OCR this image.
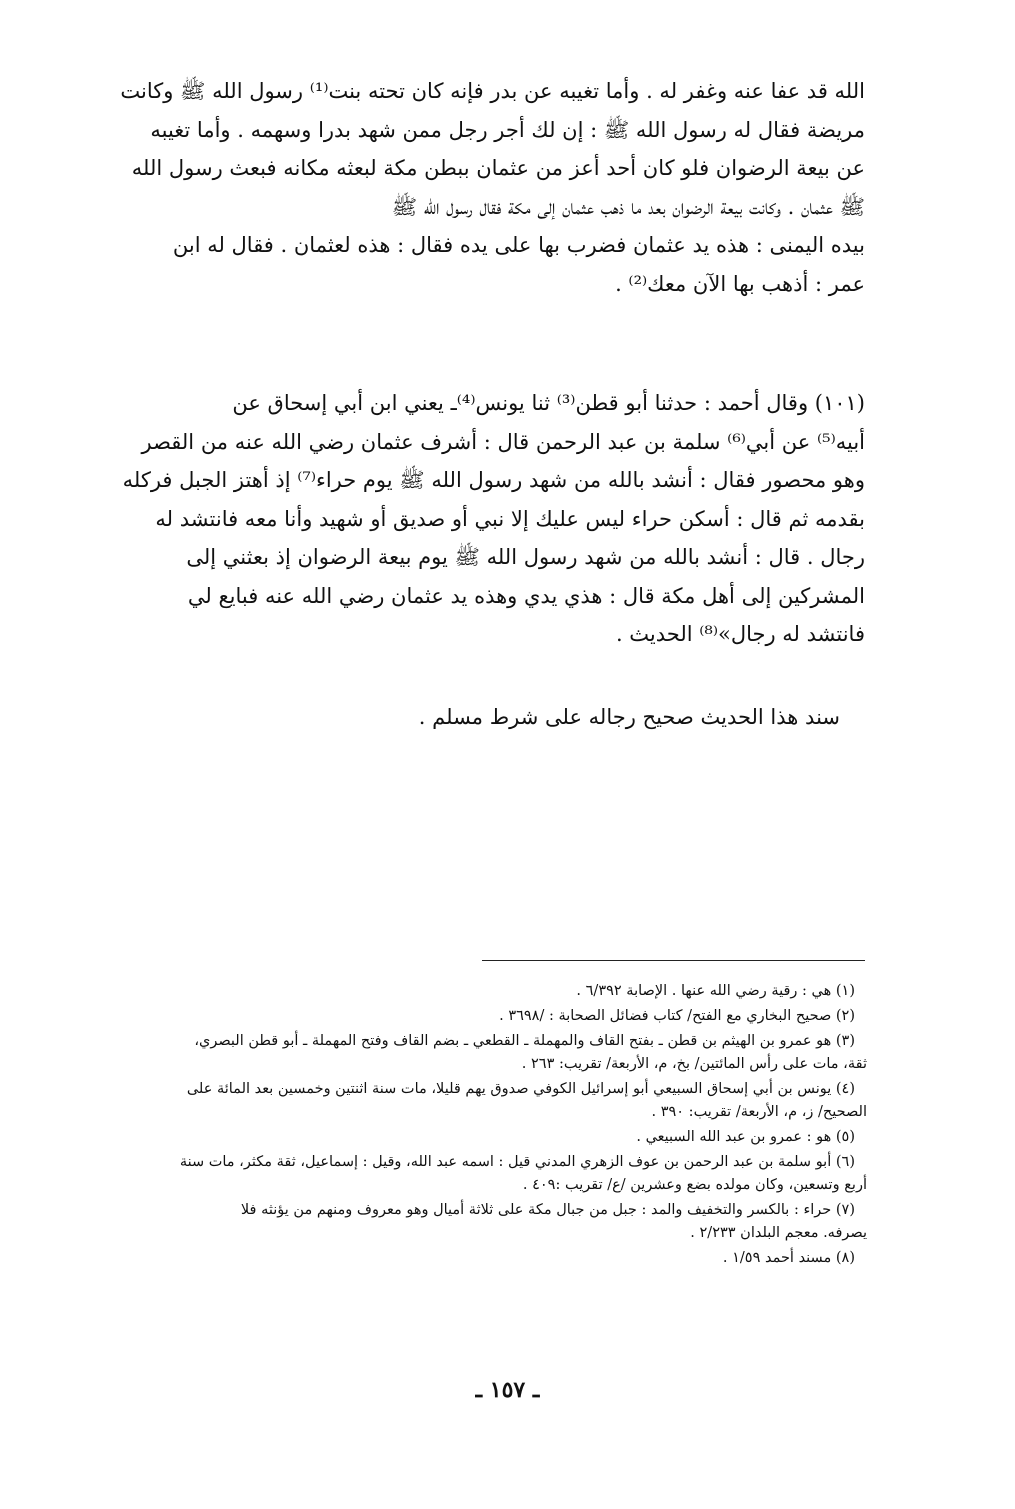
الله قد عفا عنه وغفر له . وأما تغيبه عن بدر فإنه كان تحته بنت⁽¹⁾ رسول الله ﷺ وكانت

مريضة فقال له رسول الله ﷺ : إن لك أجر رجل ممن شهد بدرا وسهمه . وأما تغيبه

عن بيعة الرضوان فلو كان أحد أعز من عثمان ببطن مكة لبعثه مكانه فبعث رسول الله

ﷺ عثمان . وكانت بيعة الرضوان بعد ما ذهب عثمان إلى مكة فقال رسول الله ﷺ

بيده اليمنى : هذه يد عثمان فضرب بها على يده فقال : هذه لعثمان . فقال له ابن

عمر : أذهب بها الآن معك⁽²⁾ .

(١٠١) وقال أحمد : حدثنا أبو قطن⁽³⁾ ثنا يونس⁽⁴⁾ـ يعني ابن أبي إسحاق عن

أبيه⁽⁵⁾ عن أبي⁽⁶⁾ سلمة بن عبد الرحمن قال : أشرف عثمان رضي الله عنه من القصر

وهو محصور فقال : أنشد بالله من شهد رسول الله ﷺ يوم حراء⁽⁷⁾ إذ أهتز الجبل فركله

بقدمه ثم قال : أسكن حراء ليس عليك إلا نبي أو صديق أو شهيد وأنا معه فانتشد له

رجال . قال : أنشد بالله من شهد رسول الله ﷺ يوم بيعة الرضوان إذ بعثني إلى

المشركين إلى أهل مكة قال : هذي يدي وهذه يد عثمان رضي الله عنه فبايع لي

فانتشد له رجال»⁽⁸⁾ الحديث .

سند هذا الحديث صحيح رجاله على شرط مسلم .
(١) هي : رقية رضي الله عنها . الإصابة ٦/٣٩٢ .
(٢) صحيح البخاري مع الفتح/ كتاب فضائل الصحابة : /٣٦٩٨ .
(٣) هو عمرو بن الهيثم بن قطن ـ بفتح القاف والمهملة ـ القطعي ـ بضم القاف وفتح المهملة ـ أبو قطن البصري،
ثقة، مات على رأس المائتين/ بخ، م، الأربعة/ تقريب: ٢٦٣ .
(٤) يونس بن أبي إسحاق السبيعي أبو إسرائيل الكوفي صدوق يهم قليلا، مات سنة اثنتين وخمسين بعد المائة على
الصحيح/ ز، م، الأربعة/ تقريب: ٣٩٠ .
(٥) هو : عمرو بن عبد الله السبيعي .
(٦) أبو سلمة بن عبد الرحمن بن عوف الزهري المدني قيل : اسمه عبد الله، وقيل : إسماعيل، ثقة مكثر، مات سنة
أربع وتسعين، وكان مولده بضع وعشرين /ع/ تقريب :٤٠٩ .
(٧) حراء : بالكسر والتخفيف والمد : جبل من جبال مكة على ثلاثة أميال وهو معروف ومنهم من يؤنثه فلا
يصرفه. معجم البلدان ٢/٢٣٣ .
(٨) مسند أحمد ١/٥٩ .
ـ ١٥٧ ـ
